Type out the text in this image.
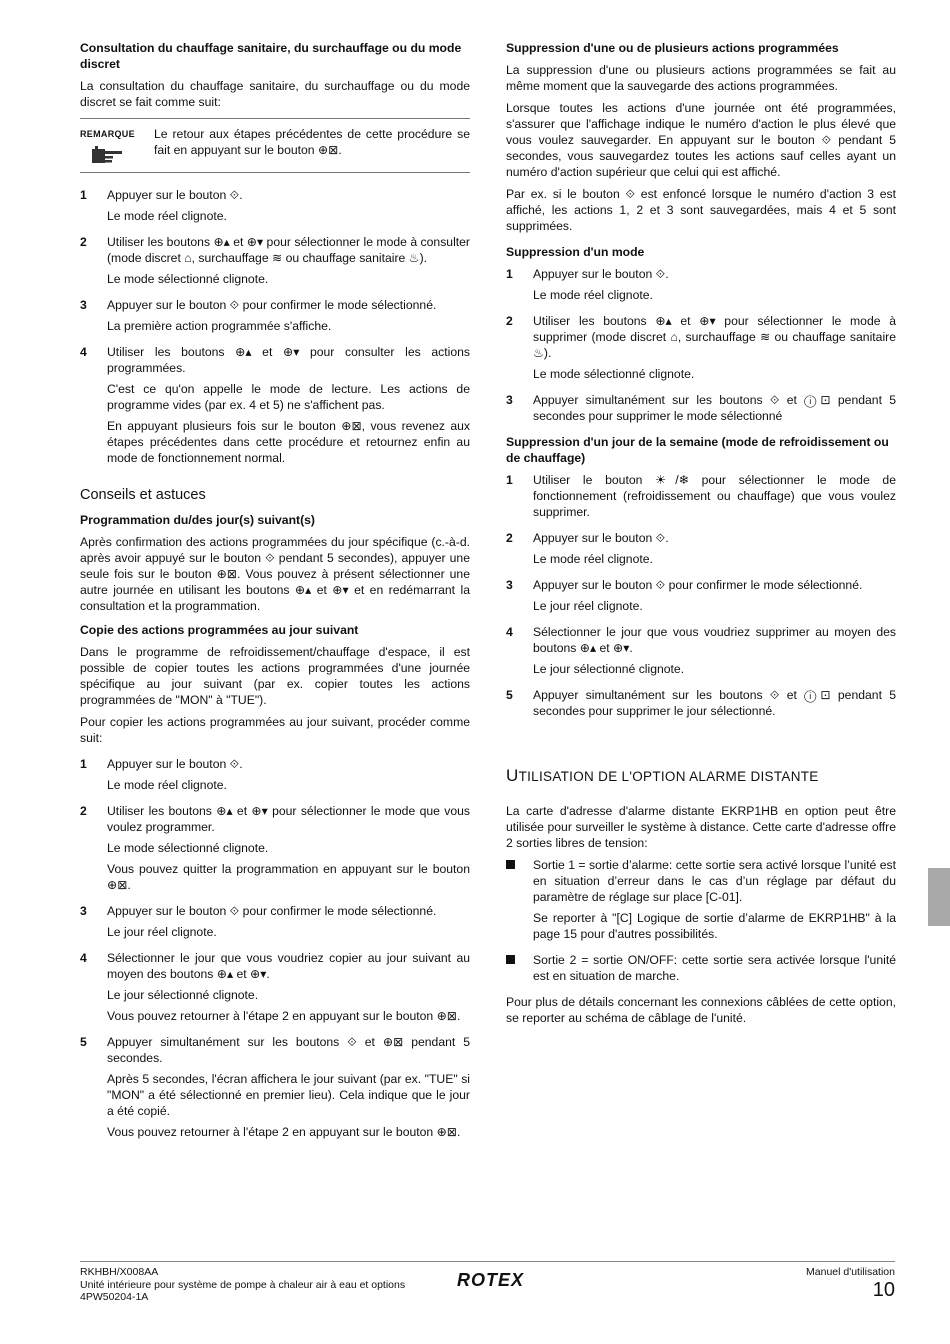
Consultation du chauffage sanitaire, du surchauffage ou du mode discret

La consultation du chauffage sanitaire, du surchauffage ou du mode discret se fait comme suit:

REMARQUE	Le retour aux étapes précédentes de cette procédure se fait en appuyant sur le bouton ⊕⊠.

1	Appuyer sur le bouton ⟐.

Le mode réel clignote.

2	Utiliser les boutons ⊕▴ et ⊕▾ pour sélectionner le mode à consulter (mode discret ⌂, surchauffage ≋ ou chauffage sanitaire ♨).

Le mode sélectionné clignote.

3	Appuyer sur le bouton ⟐ pour confirmer le mode sélectionné.

La première action programmée s'affiche.

4	Utiliser les boutons ⊕▴ et ⊕▾ pour consulter les actions programmées.

C'est ce qu'on appelle le mode de lecture. Les actions de programme vides (par ex. 4 et 5) ne s'affichent pas.

En appuyant plusieurs fois sur le bouton ⊕⊠, vous revenez aux étapes précédentes dans cette procédure et retournez enfin au mode de fonctionnement normal.

Conseils et astuces
Programmation du/des jour(s) suivant(s)

Après confirmation des actions programmées du jour spécifique (c.-à-d. après avoir appuyé sur le bouton ⟐ pendant 5 secondes), appuyer une seule fois sur le bouton ⊕⊠. Vous pouvez à présent sélectionner une autre journée en utilisant les boutons ⊕▴ et ⊕▾ et en redémarrant la consultation et la programmation.

Copie des actions programmées au jour suivant

Dans le programme de refroidissement/chauffage d'espace, il est possible de copier toutes les actions programmées d'une journée spécifique au jour suivant (par ex. copier toutes les actions programmées de "MON" à "TUE").

Pour copier les actions programmées au jour suivant, procéder comme suit:

1	Appuyer sur le bouton ⟐.

Le mode réel clignote.

2	Utiliser les boutons ⊕▴ et ⊕▾ pour sélectionner le mode que vous voulez programmer.

Le mode sélectionné clignote.

Vous pouvez quitter la programmation en appuyant sur le bouton ⊕⊠.

3	Appuyer sur le bouton ⟐ pour confirmer le mode sélectionné.

Le jour réel clignote.

4	Sélectionner le jour que vous voudriez copier au jour suivant au moyen des boutons ⊕▴ et ⊕▾.

Le jour sélectionné clignote.

Vous pouvez retourner à l'étape 2 en appuyant sur le bouton ⊕⊠.

5	Appuyer simultanément sur les boutons ⟐ et ⊕⊠ pendant 5 secondes.

Après 5 secondes, l'écran affichera le jour suivant (par ex. "TUE" si "MON" a été sélectionné en premier lieu). Cela indique que le jour a été copié.

Vous pouvez retourner à l'étape 2 en appuyant sur le bouton ⊕⊠.

Suppression d'une ou de plusieurs actions programmées

La suppression d'une ou plusieurs actions programmées se fait au même moment que la sauvegarde des actions programmées.

Lorsque toutes les actions d'une journée ont été programmées, s'assurer que l'affichage indique le numéro d'action le plus élevé que vous voulez sauvegarder. En appuyant sur le bouton ⟐ pendant 5 secondes, vous sauvegardez toutes les actions sauf celles ayant un numéro d'action supérieur que celui qui est affiché.

Par ex. si le bouton ⟐ est enfoncé lorsque le numéro d'action 3 est affiché, les actions 1, 2 et 3 sont sauvegardées, mais 4 et 5 sont supprimées.

Suppression d'un mode
1	Appuyer sur le bouton ⟐.

Le mode réel clignote.

2	Utiliser les boutons ⊕▴ et ⊕▾ pour sélectionner le mode à supprimer (mode discret ⌂, surchauffage ≋ ou chauffage sanitaire ♨).

Le mode sélectionné clignote.

3	Appuyer simultanément sur les boutons ⟐ et ⓘ⊡ pendant 5 secondes pour supprimer le mode sélectionné

Suppression d'un jour de la semaine (mode de refroidissement ou de chauffage)
1	Utiliser le bouton ☀/❄ pour sélectionner le mode de fonctionnement (refroidissement ou chauffage) que vous voulez supprimer.

2	Appuyer sur le bouton ⟐.

Le mode réel clignote.

3	Appuyer sur le bouton ⟐ pour confirmer le mode sélectionné.

Le jour réel clignote.

4	Sélectionner le jour que vous voudriez supprimer au moyen des boutons ⊕▴ et ⊕▾.

Le jour sélectionné clignote.

5	Appuyer simultanément sur les boutons ⟐ et ⓘ⊡ pendant 5 secondes pour supprimer le jour sélectionné.

UTILISATION DE L'OPTION ALARME DISTANTE

La carte d'adresse d'alarme distante EKRP1HB en option peut être utilisée pour surveiller le système à distance. Cette carte d'adresse offre 2 sorties libres de tension:

Sortie 1 = sortie d’alarme: cette sortie sera activé lorsque l’unité est en situation d’erreur dans le cas d’un réglage par défaut du paramètre de réglage sur place [C-01].

Se reporter à "[C] Logique de sortie d’alarme de EKRP1HB" à la page 15 pour d'autres possibilités.

Sortie 2 = sortie ON/OFF: cette sortie sera activée lorsque l'unité est en situation de marche.

Pour plus de détails concernant les connexions câblées de cette option, se reporter au schéma de câblage de l'unité.

RKHBH/X008AA
Unité intérieure pour système de pompe à chaleur air à eau et options
4PW50204-1A
ROTEX	Manuel d'utilisation
10
